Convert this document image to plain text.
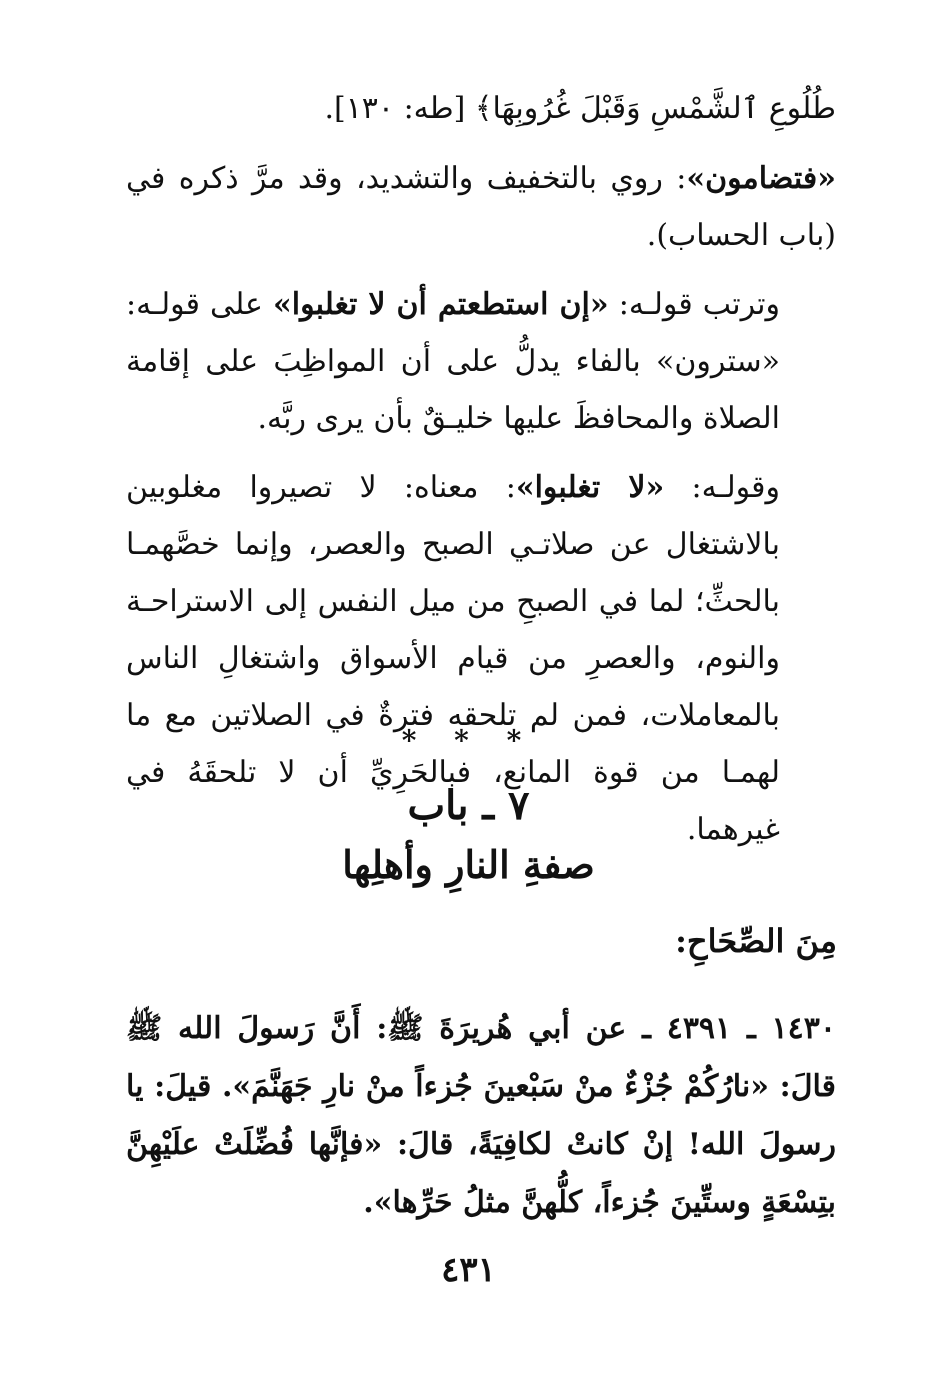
طُلُوعِ ٱلشَّمْسِ وَقَبْلَ غُرُوبِهَا﴾ [طه: ١٣٠].

«فتضامون»: روي بالتخفيف والتشديد، وقد مرَّ ذكره في (باب الحساب).

وترتب قولـه: «إن استطعتم أن لا تغلبوا» على قولـه: «سترون» بالفاء يدلُّ على أن المواظِبَ على إقامة الصلاة والمحافظَ عليها خليـقٌ بأن يرى ربَّه.

وقولـه: «لا تغلبوا»: معناه: لا تصيروا مغلوبين بالاشتغال عن صلاتـي الصبح والعصر، وإنما خصَّهمـا بالحثِّ؛ لما في الصبحِ من ميل النفس إلى الاستراحـة والنوم، والعصرِ من قيام الأسواق واشتغالِ الناس بالمعاملات، فمن لم تلحقه فترةٌ في الصلاتين مع ما لهمـا من قوة المانع، فبالحَرِيِّ أن لا تلحقَهُ في غيرهما.

* * *
٧ ـ باب
صفةِ النارِ وأهلِها
مِنَ الصِّحَاحِ:

١٤٣٠ ـ ٤٣٩١ ـ عن أبي هُريرَةَ ﷺ: أَنَّ رَسولَ الله ﷺ قالَ: «نارُكُمْ جُزْءٌ منْ سَبْعينَ جُزءاً منْ نارِ جَهَنَّمَ». قيلَ: يا رسولَ الله! إنْ كانتْ لكافِيَةً، قالَ: «فإنَّها فُضِّلَتْ علَيْهِنَّ بتِسْعَةٍ وستِّينَ جُزءاً، كلُّهنَّ مثلُ حَرِّها».

٤٣١
